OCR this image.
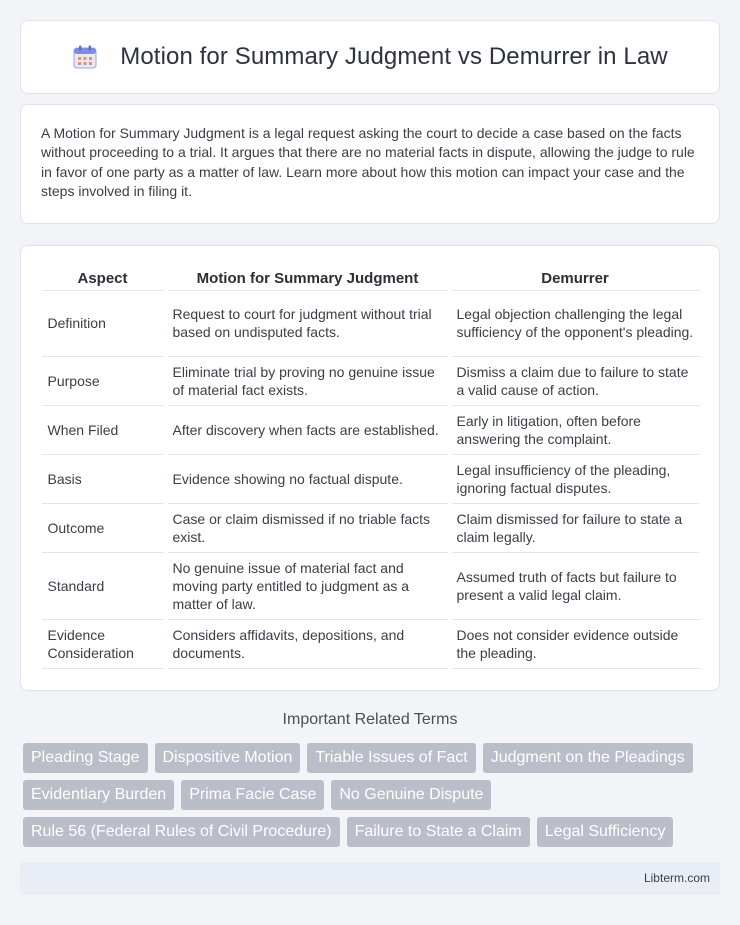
Motion for Summary Judgment vs Demurrer in Law

A Motion for Summary Judgment is a legal request asking the court to decide a case based on the facts without proceeding to a trial. It argues that there are no material facts in dispute, allowing the judge to rule in favor of one party as a matter of law. Learn more about how this motion can impact your case and the steps involved in filing it.

Aspect	Motion for Summary Judgment	Demurrer
Definition	Request to court for judgment without trial based on undisputed facts.	Legal objection challenging the legal sufficiency of the opponent's pleading.
Purpose	Eliminate trial by proving no genuine issue of material fact exists.	Dismiss a claim due to failure to state a valid cause of action.
When Filed	After discovery when facts are established.	Early in litigation, often before answering the complaint.
Basis	Evidence showing no factual dispute.	Legal insufficiency of the pleading, ignoring factual disputes.
Outcome	Case or claim dismissed if no triable facts exist.	Claim dismissed for failure to state a claim legally.
Standard	No genuine issue of material fact and moving party entitled to judgment as a matter of law.	Assumed truth of facts but failure to present a valid legal claim.
Evidence Consideration	Considers affidavits, depositions, and documents.	Does not consider evidence outside the pleading.
Important Related Terms
Pleading Stage	Dispositive Motion	Triable Issues of Fact	Judgment on the Pleadings
Evidentiary Burden	Prima Facie Case	No Genuine Dispute
Rule 56 (Federal Rules of Civil Procedure)	Failure to State a Claim	Legal Sufficiency
Libterm.com
